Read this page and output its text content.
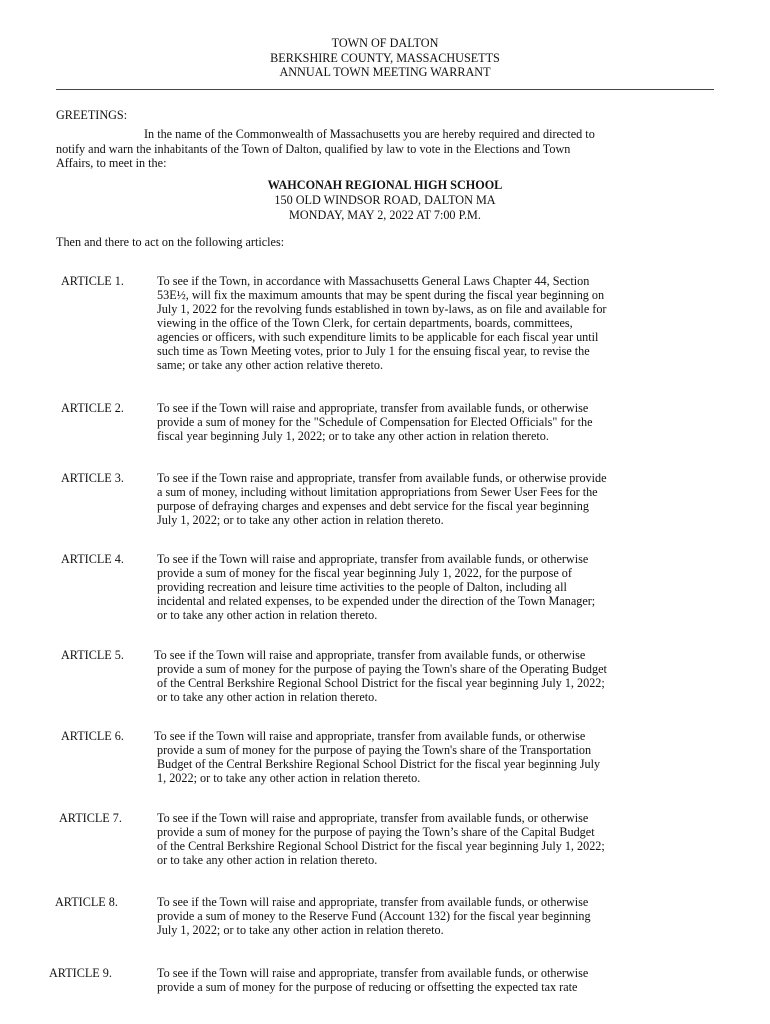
TOWN OF DALTON
BERKSHIRE COUNTY, MASSACHUSETTS
ANNUAL TOWN MEETING WARRANT
GREETINGS:
In the name of the Commonwealth of Massachusetts you are hereby required and directed to
notify and warn the inhabitants of the Town of Dalton, qualified by law to vote in the Elections and Town
Affairs, to meet in the:
WAHCONAH REGIONAL HIGH SCHOOL
150 OLD WINDSOR ROAD, DALTON MA
MONDAY, MAY 2, 2022 AT 7:00 P.M.
Then and there to act on the following articles:
ARTICLE 1.	To see if the Town, in accordance with Massachusetts General Laws Chapter 44, Section
53E½, will fix the maximum amounts that may be spent during the fiscal year beginning on
July 1, 2022 for the revolving funds established in town by-laws, as on file and available for
viewing in the office of the Town Clerk, for certain departments, boards, committees,
agencies or officers, with such expenditure limits to be applicable for each fiscal year until
such time as Town Meeting votes, prior to July 1 for the ensuing fiscal year, to revise the
same; or take any other action relative thereto.
ARTICLE 2.	To see if the Town will raise and appropriate, transfer from available funds, or otherwise
provide a sum of money for the "Schedule of Compensation for Elected Officials" for the
fiscal year beginning July 1, 2022; or to take any other action in relation thereto.
ARTICLE 3.	To see if the Town raise and appropriate, transfer from available funds, or otherwise provide
a sum of money, including without limitation appropriations from Sewer User Fees for the
purpose of defraying charges and expenses and debt service for the fiscal year beginning
July 1, 2022; or to take any other action in relation thereto.
ARTICLE 4.	To see if the Town will raise and appropriate, transfer from available funds, or otherwise
provide a sum of money for the fiscal year beginning July 1, 2022, for the purpose of
providing recreation and leisure time activities to the people of Dalton, including all
incidental and related expenses, to be expended under the direction of the Town Manager;
or to take any other action in relation thereto.
ARTICLE 5. To see if the Town will raise and appropriate, transfer from available funds, or otherwise
provide a sum of money for the purpose of paying the Town's share of the Operating Budget
of the Central Berkshire Regional School District for the fiscal year beginning July 1, 2022;
or to take any other action in relation thereto.
ARTICLE 6. To see if the Town will raise and appropriate, transfer from available funds, or otherwise
provide a sum of money for the purpose of paying the Town's share of the Transportation
Budget of the Central Berkshire Regional School District for the fiscal year beginning July
1, 2022; or to take any other action in relation thereto.
ARTICLE 7.	To see if the Town will raise and appropriate, transfer from available funds, or otherwise
provide a sum of money for the purpose of paying the Town’s share of the Capital Budget
of the Central Berkshire Regional School District for the fiscal year beginning July 1, 2022;
or to take any other action in relation thereto.
ARTICLE 8.	To see if the Town will raise and appropriate, transfer from available funds, or otherwise
provide a sum of money to the Reserve Fund (Account 132) for the fiscal year beginning
July 1, 2022; or to take any other action in relation thereto.
ARTICLE 9.	To see if the Town will raise and appropriate, transfer from available funds, or otherwise
provide a sum of money for the purpose of reducing or offsetting the expected tax rate
